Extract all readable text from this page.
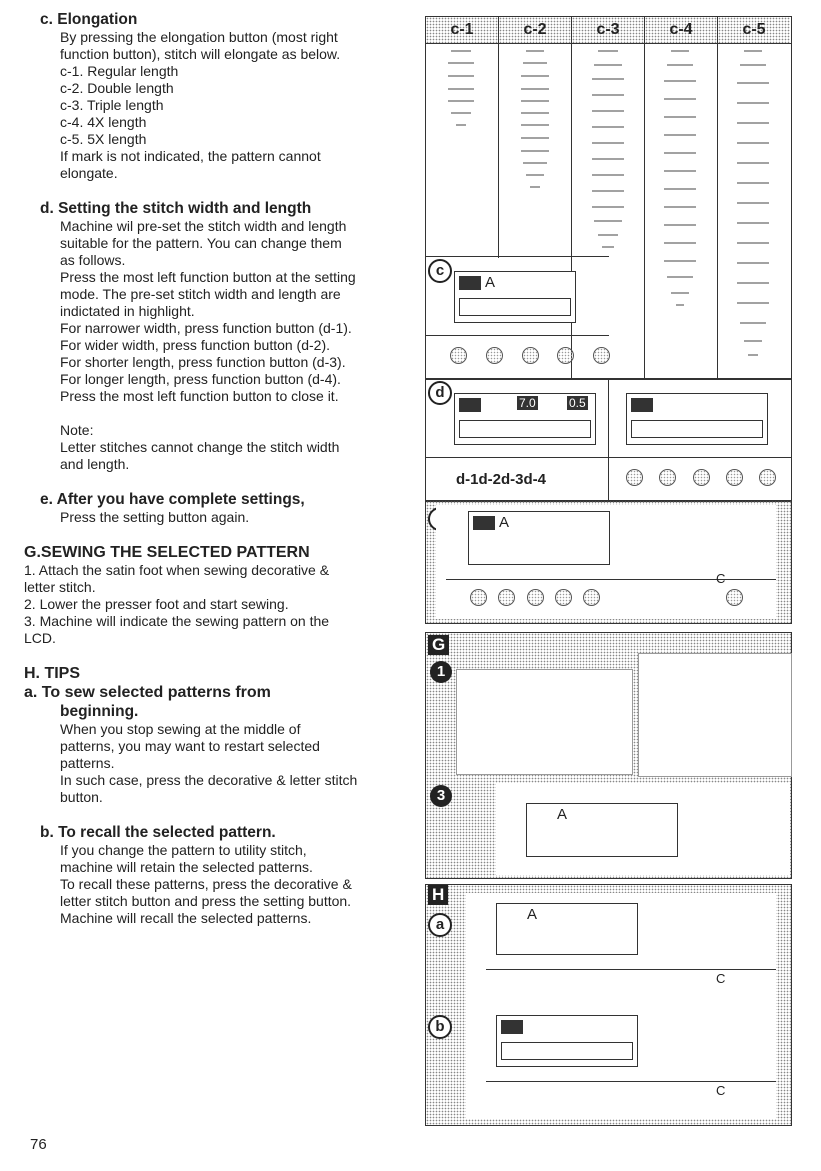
c. Elongation
By pressing the elongation button (most right
function button), stitch will elongate as below.
c-1. Regular length
c-2. Double length
c-3. Triple length
c-4. 4X length
c-5. 5X length
If mark is not indicated, the pattern cannot
elongate.
d. Setting the stitch width and length
Machine wil pre-set the stitch width and length
suitable for the pattern. You can change them
as follows.
Press the most left function button at the setting
mode. The pre-set stitch width and length are
indictated in highlight.
For narrower width, press function button (d-1).
For wider width, press function button (d-2).
For shorter length, press function button (d-3).
For longer length, press function button (d-4).
Press the most left function button to close it.
Note:
Letter stitches cannot change the stitch width
and length.
e. After you have complete settings,
Press the setting button again.
G.SEWING THE SELECTED PATTERN
1. Attach the satin foot when sewing decorative &
letter stitch.
2. Lower the presser foot and start sewing.
3. Machine will indicate the sewing pattern on the
LCD.
H. TIPS
a. To sew selected patterns from
beginning.
When you stop sewing at the middle of
patterns, you may want to restart selected
patterns.
In such case, press the decorative & letter stitch
button.
b. To recall the selected pattern.
If you change the pattern to utility stitch,
machine will retain the selected patterns.
To recall these patterns, press the decorative &
letter stitch button and press the setting button.
Machine will recall the selected patterns.
76
c-1	c-2	c-3	c-4	c-5
c
A
d
7.0	0.5
d-1d-2d-3d-4
A
C
G
1
3
A
H
a
A
C
b
C
